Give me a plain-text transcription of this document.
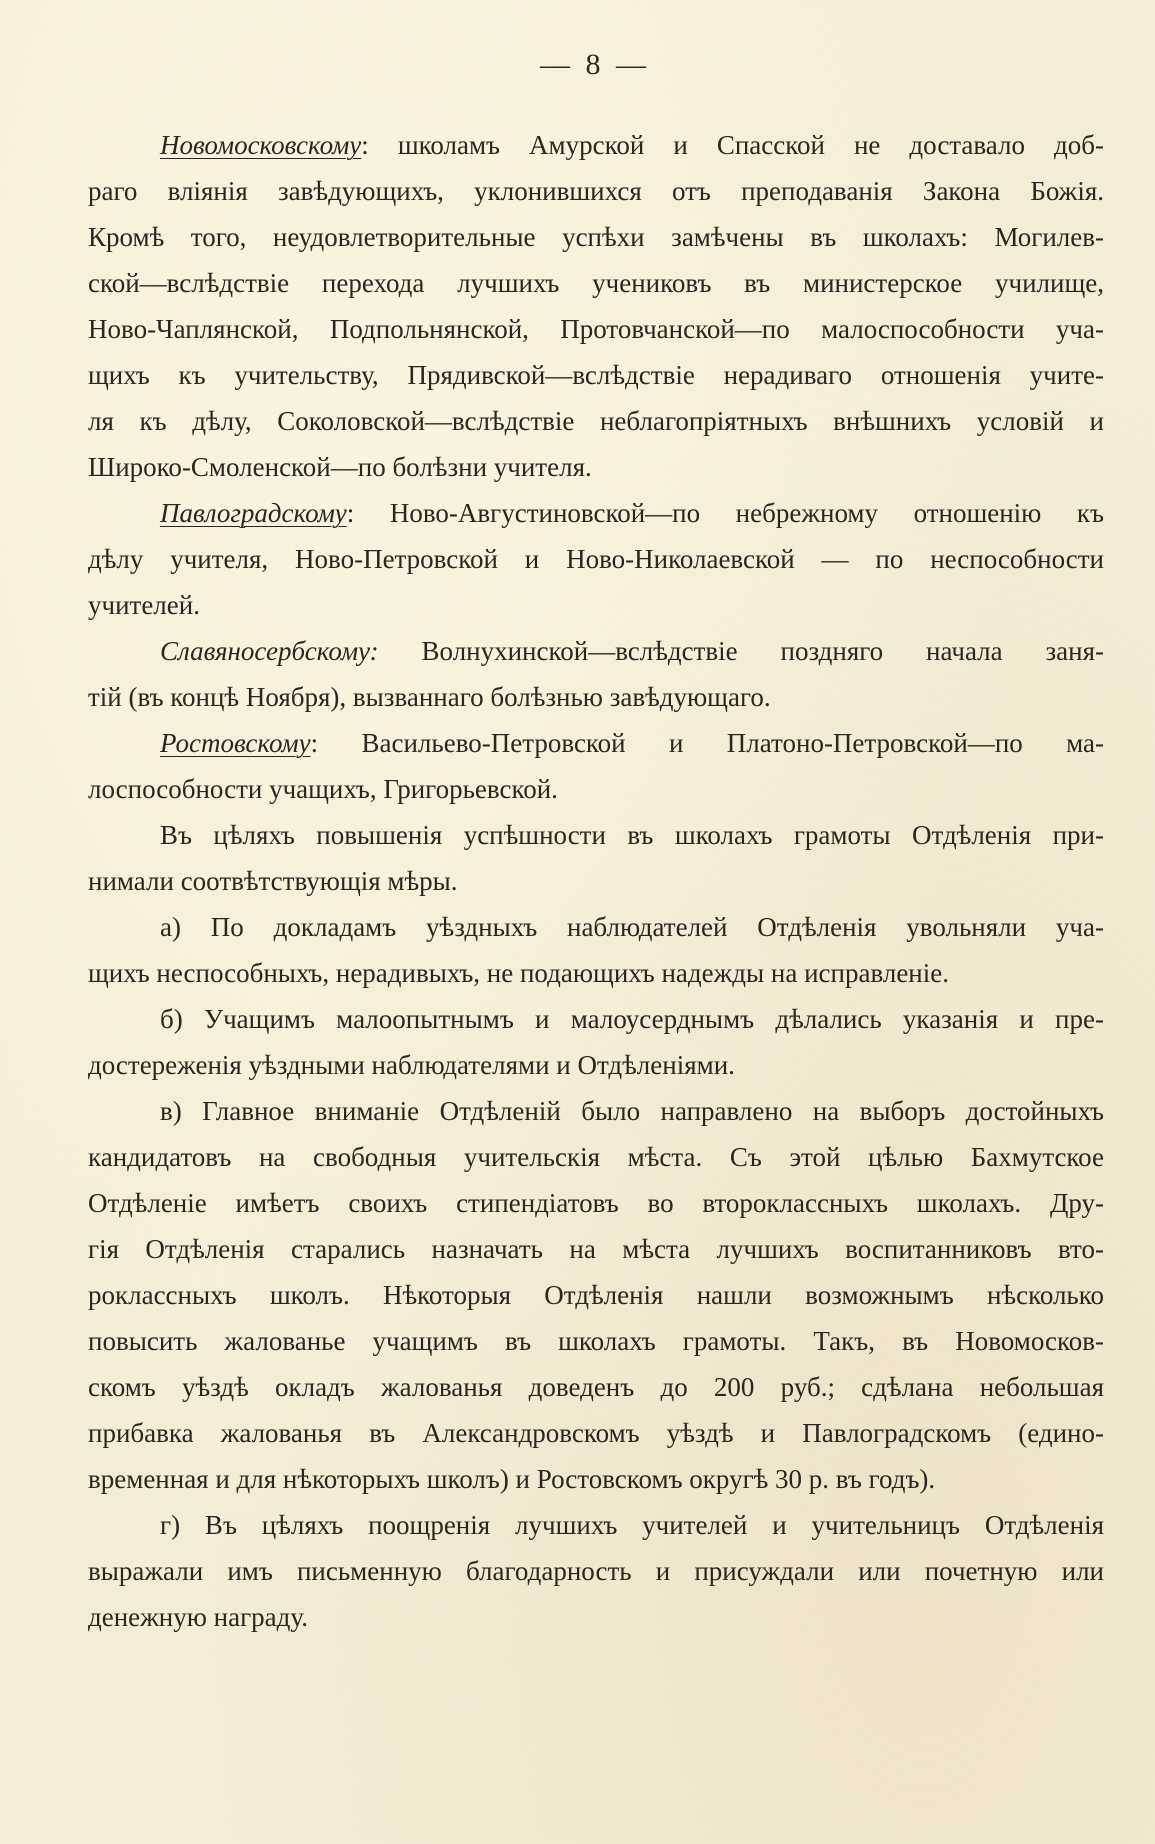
— 8 —

Новомосковскому: школамъ Амурской и Спасской не доставало доб-
раго вліянія завѣдующихъ, уклонившихся отъ преподаванія Закона Божія.
Кромѣ того, неудовлетворительные успѣхи замѣчены въ школахъ: Могилев-
ской—вслѣдствіе перехода лучшихъ учениковъ въ министерское училище,
Ново-Чаплянской, Подпольнянской, Протовчанской—по малоспособности уча-
щихъ къ учительству, Прядивской—вслѣдствіе нерадиваго отношенія учите-
ля къ дѣлу, Соколовской—вслѣдствіе неблагопріятныхъ внѣшнихъ условій и
Широко-Смоленской—по болѣзни учителя.

Павлоградскому: Ново-Августиновской—по небрежному отношенію къ
дѣлу учителя, Ново-Петровской и Ново-Николаевской — по неспособности
учителей.

Славяносербскому: Волнухинской—вслѣдствіе поздняго начала заня-
тій (въ концѣ Ноября), вызваннаго болѣзнью завѣдующаго.

Ростовскому: Васильево-Петровской и Платоно-Петровской—по ма-
лоспособности учащихъ, Григорьевской.

Въ цѣляхъ повышенія успѣшности въ школахъ грамоты Отдѣленія при-
нимали соотвѣтствующія мѣры.

а) По докладамъ уѣздныхъ наблюдателей Отдѣленія увольняли уча-
щихъ неспособныхъ, нерадивыхъ, не подающихъ надежды на исправленіе.

б) Учащимъ малоопытнымъ и малоусерднымъ дѣлались указанія и пре-
достереженія уѣздными наблюдателями и Отдѣленіями.

в) Главное вниманіе Отдѣленій было направлено на выборъ достойныхъ
кандидатовъ на свободныя учительскія мѣста. Съ этой цѣлью Бахмутское
Отдѣленіе имѣетъ своихъ стипендіатовъ во второклассныхъ школахъ. Дру-
гія Отдѣленія старались назначать на мѣста лучшихъ воспитанниковъ вто-
роклассныхъ школъ. Нѣкоторыя Отдѣленія нашли возможнымъ нѣсколько
повысить жалованье учащимъ въ школахъ грамоты. Такъ, въ Новомосков-
скомъ уѣздѣ окладъ жалованья доведенъ до 200 руб.; сдѣлана небольшая
прибавка жалованья въ Александровскомъ уѣздѣ и Павлоградскомъ (едино-
временная и для нѣкоторыхъ школъ) и Ростовскомъ округѣ 30 р. въ годъ).

г) Въ цѣляхъ поощренія лучшихъ учителей и учительницъ Отдѣленія
выражали имъ письменную благодарность и присуждали или почетную или
денежную награду.
